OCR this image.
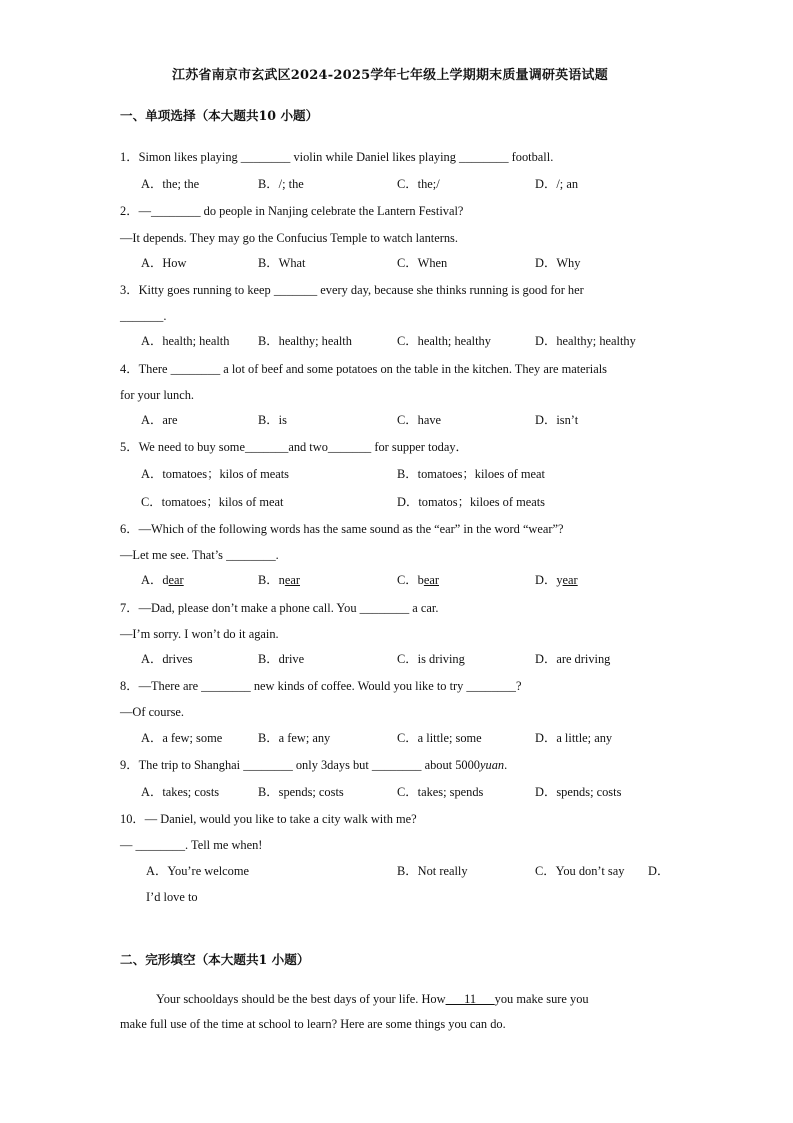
江苏省南京市玄武区2024-2025学年七年级上学期期末质量调研英语试题
一、单项选择（本大题共10 小题）
1．Simon likes playing ________ violin while Daniel likes playing ________ football.
A．the; the	B．/; the	C．the;/	D．/; an
2．—________ do people in Nanjing celebrate the Lantern Festival?
—It depends. They may go the Confucius Temple to watch lanterns.
A．How	B．What	C．When	D．Why
3．Kitty goes running to keep _______ every day, because she thinks running is good for her
_______.
A．health; health B．healthy; health	C．health; healthy	D．healthy; healthy
4．There ________ a lot of beef and some potatoes on the table in the kitchen. They are materials
for your lunch.
A．are	B．is	C．have	D．isn’t
5．We need to buy some_______and two_______ for supper today．
A．tomatoes；kilos of meats	B．tomatoes；kiloes of meat
C．tomatoes；kilos of meat	D．tomatos；kiloes of meats
6．—Which of the following words has the same sound as the “ear” in the word “wear”?
—Let me see. That’s ________.
A．dear	B．near	C．bear	D．year
7．—Dad, please don’t make a phone call. You ________ a car.
—I’m sorry. I won’t do it again.
A．drives	B．drive	C．is driving	D．are driving
8．—There are ________ new kinds of coffee. Would you like to try ________?
—Of course.
A．a few; some	B．a few; any	C．a little; some	D．a little; any
9．The trip to Shanghai ________ only 3days but ________ about 5000yuan.
A．takes; costs	B．spends; costs	C．takes; spends	D．spends; costs
10．— Daniel, would you like to take a city walk with me?
— ________. Tell me when!
A．You’re welcome	B．Not really	C．You don’t say D．
I’d love to
二、完形填空（本大题共1 小题）
Your schooldays should be the best days of your life. How      11      you make sure you
make full use of the time at school to learn? Here are some things you can do.
